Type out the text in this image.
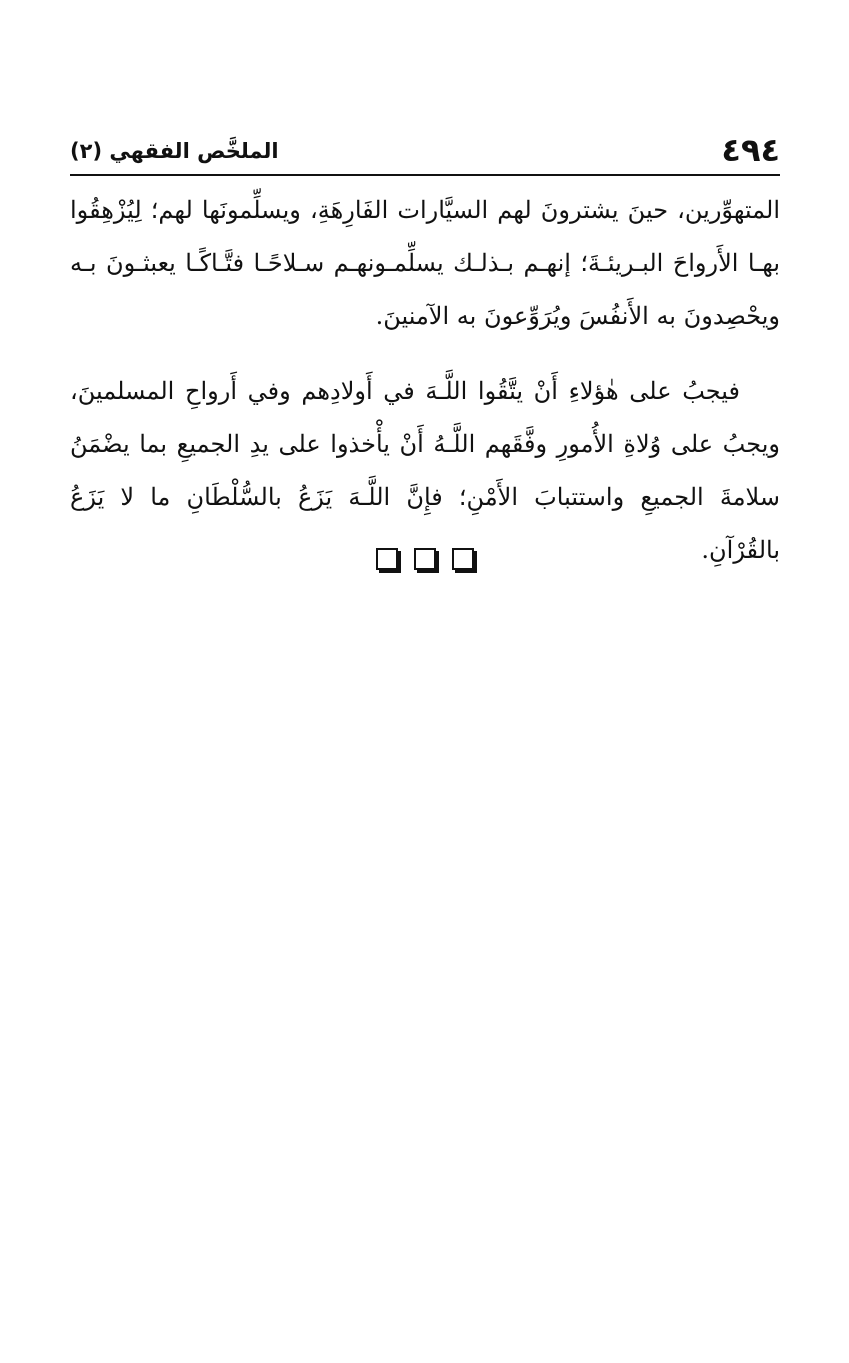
٤٩٤
الملخَّص الفقهي (٢)

المتهوِّرين، حينَ يشترونَ لهم السيَّارات الفَارِهَةِ، ويسلِّمونَها لهم؛ لِيُزْهِقُوا بهـا الأَرواحَ البـريئـةَ؛ إنهـم بـذلـك يسلِّمـونهـم سـلاحًـا فتَّـاكًـا يعبثـونَ بـه ويحْصِدونَ به الأَنفُسَ ويُرَوِّعونَ به الآمنينَ.

فيجبُ على هٰؤلاءِ أَنْ يتَّقُوا اللَّـهَ في أَولادِهم وفي أَرواحِ المسلمينَ، ويجبُ على وُلاةِ الأُمورِ وفَّقَهم اللَّـهُ أَنْ يأْخذوا على يدِ الجميعِ بما يضْمَنُ سلامةَ الجميعِ واستتبابَ الأَمْنِ؛ فإِنَّ اللَّـهَ يَزَعُ بالسُّلْطَانِ ما لا يَزَعُ بالقُرْآنِ.
